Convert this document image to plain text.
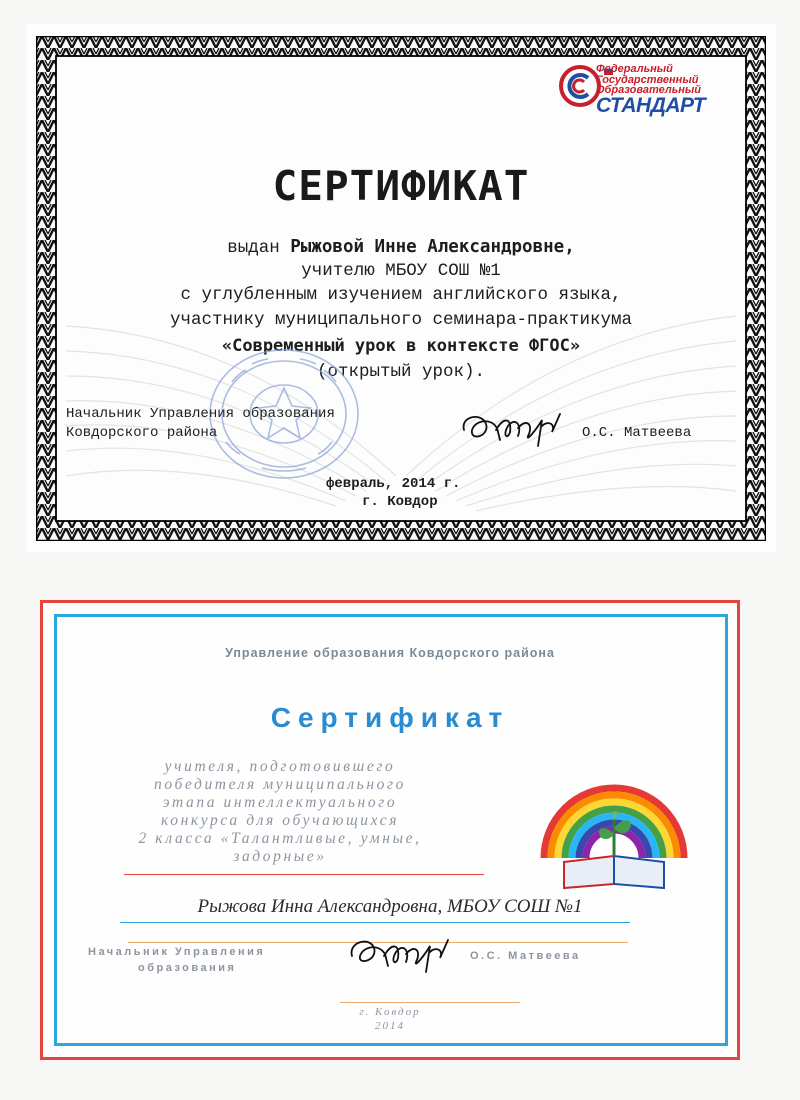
Федеральный
Государственный
Образовательный
СТАНДАРТ
СЕРТИФИКАТ
выдан Рыжовой Инне Александровне,
учителю МБОУ СОШ №1
с углубленным изучением английского языка,
участнику муниципального семинара-практикума
«Современный урок в контексте ФГОС»
(открытый урок).
Начальник Управления образования
Ковдорского района	О.С. Матвеева
февраль, 2014 г.
г. Ковдор
Управление образования Ковдорского района
Сертификат
учителя, подготовившего
победителя муниципального
этапа интеллектуального
конкурса для обучающихся
2 класса «Талантливые, умные,
задорные»
Рыжова Инна Александровна, МБОУ СОШ №1
Начальник Управления
образования
О.С. Матвеева
г. Ковдор
2014
